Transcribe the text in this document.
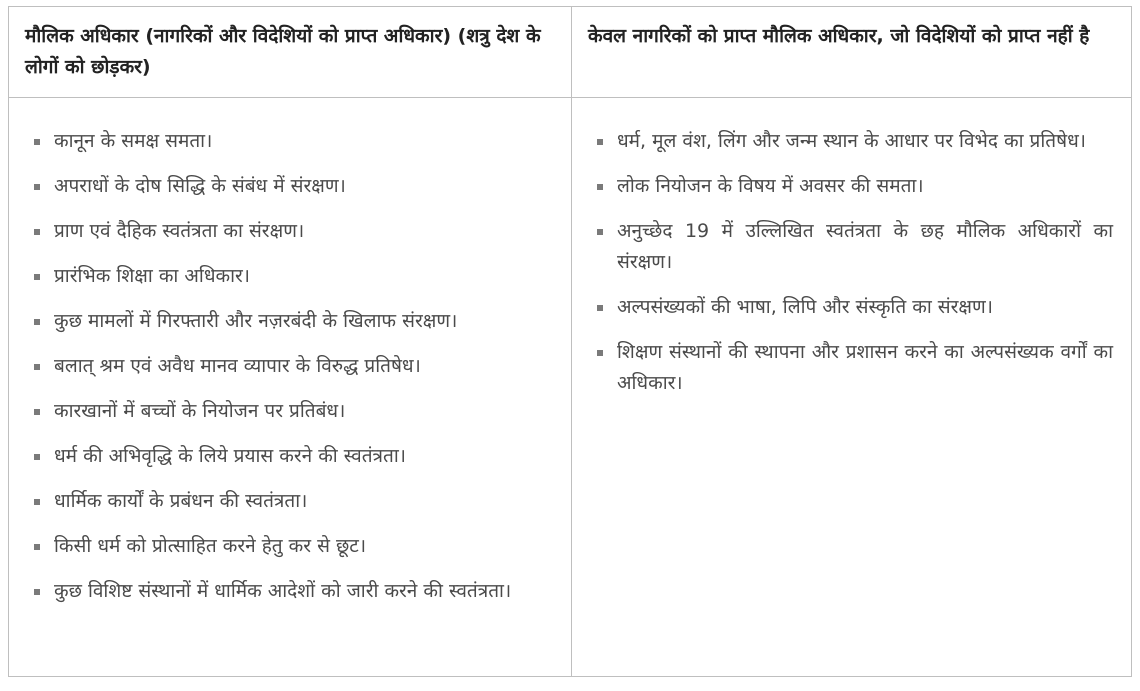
मौलिक अधिकार (नागरिकों और विदेशियों को प्राप्त अधिकार) (शत्रु देश के लोगों को छोड़कर)
केवल नागरिकों को प्राप्त मौलिक अधिकार, जो विदेशियों को प्राप्त नहीं है
कानून के समक्ष समता।
अपराधों के दोष सिद्धि के संबंध में संरक्षण।
प्राण एवं दैहिक स्वतंत्रता का संरक्षण।
प्रारंभिक शिक्षा का अधिकार।
कुछ मामलों में गिरफ्तारी और नज़रबंदी के खिलाफ संरक्षण।
बलात् श्रम एवं अवैध मानव व्यापार के विरुद्ध प्रतिषेध।
कारखानों में बच्चों के नियोजन पर प्रतिबंध।
धर्म की अभिवृद्धि के लिये प्रयास करने की स्वतंत्रता।
धार्मिक कार्यों के प्रबंधन की स्वतंत्रता।
किसी धर्म को प्रोत्साहित करने हेतु कर से छूट।
कुछ विशिष्ट संस्थानों में धार्मिक आदेशों को जारी करने की स्वतंत्रता।
धर्म, मूल वंश, लिंग और जन्म स्थान के आधार पर विभेद का प्रतिषेध।
लोक नियोजन के विषय में अवसर की समता।
अनुच्छेद 19 में उल्लिखित स्वतंत्रता के छह मौलिक अधिकारों का संरक्षण।
अल्पसंख्यकों की भाषा, लिपि और संस्कृति का संरक्षण।
शिक्षण संस्थानों की स्थापना और प्रशासन करने का अल्पसंख्यक वर्गों का अधिकार।
